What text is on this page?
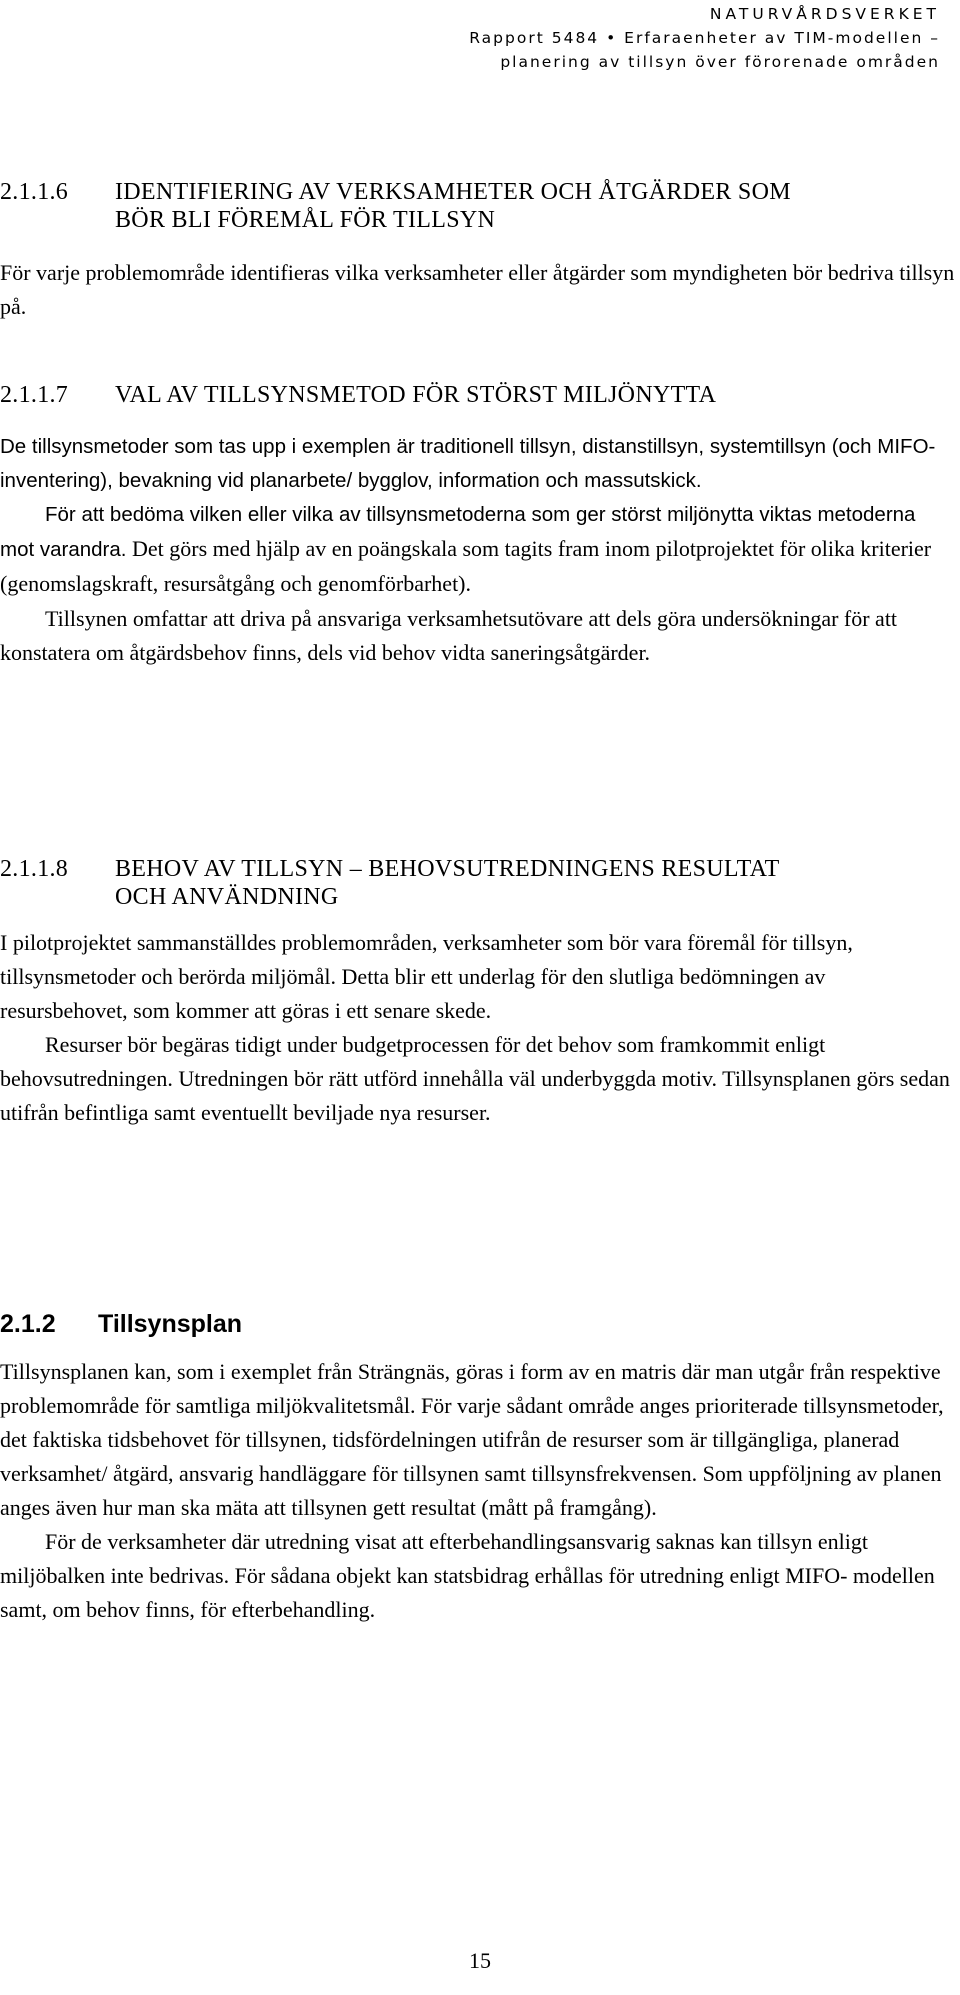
NATURVÅRDSVERKET
Rapport 5484 • Erfaraenheter av TIM-modellen –
planering av tillsyn över förorenade områden
2.1.1.6 IDENTIFIERING AV VERKSAMHETER OCH ÅTGÄRDER SOM
BÖR BLI FÖREMÅL FÖR TILLSYN

För varje problemområde identifieras vilka verksamheter eller åtgärder som myndigheten bör bedriva tillsyn på.

2.1.1.7 VAL AV TILLSYNSMETOD FÖR STÖRST MILJÖNYTTA

De tillsynsmetoder som tas upp i exemplen är traditionell tillsyn, distanstillsyn, systemtillsyn (och MIFO- inventering), bevakning vid planarbete/ bygglov, information och massutskick.

För att bedöma vilken eller vilka av tillsynsmetoderna som ger störst miljönytta viktas metoderna mot varandra. Det görs med hjälp av en poängskala som tagits fram inom pilotprojektet för olika kriterier (genomslagskraft, resursåtgång och genomförbarhet).

Tillsynen omfattar att driva på ansvariga verksamhetsutövare att dels göra undersökningar för att konstatera om åtgärdsbehov finns, dels vid behov vidta saneringsåtgärder.

2.1.1.8 BEHOV AV TILLSYN – BEHOVSUTREDNINGENS RESULTAT
OCH ANVÄNDNING

I pilotprojektet sammanställdes problemområden, verksamheter som bör vara föremål för tillsyn, tillsynsmetoder och berörda miljömål. Detta blir ett underlag för den slutliga bedömningen av resursbehovet, som kommer att göras i ett senare skede.

Resurser bör begäras tidigt under budgetprocessen för det behov som framkommit enligt behovsutredningen. Utredningen bör rätt utförd innehålla väl underbyggda motiv. Tillsynsplanen görs sedan utifrån befintliga samt eventuellt beviljade nya resurser.

2.1.2 Tillsynsplan

Tillsynsplanen kan, som i exemplet från Strängnäs, göras i form av en matris där man utgår från respektive problemområde för samtliga miljökvalitetsmål. För varje sådant område anges prioriterade tillsynsmetoder, det faktiska tidsbehovet för tillsynen, tidsfördelningen utifrån de resurser som är tillgängliga, planerad verksamhet/ åtgärd, ansvarig handläggare för tillsynen samt tillsynsfrekvensen. Som uppföljning av planen anges även hur man ska mäta att tillsynen gett resultat (mått på framgång).

För de verksamheter där utredning visat att efterbehandlingsansvarig saknas kan tillsyn enligt miljöbalken inte bedrivas. För sådana objekt kan statsbidrag erhållas för utredning enligt MIFO- modellen samt, om behov finns, för efterbehandling.

15
